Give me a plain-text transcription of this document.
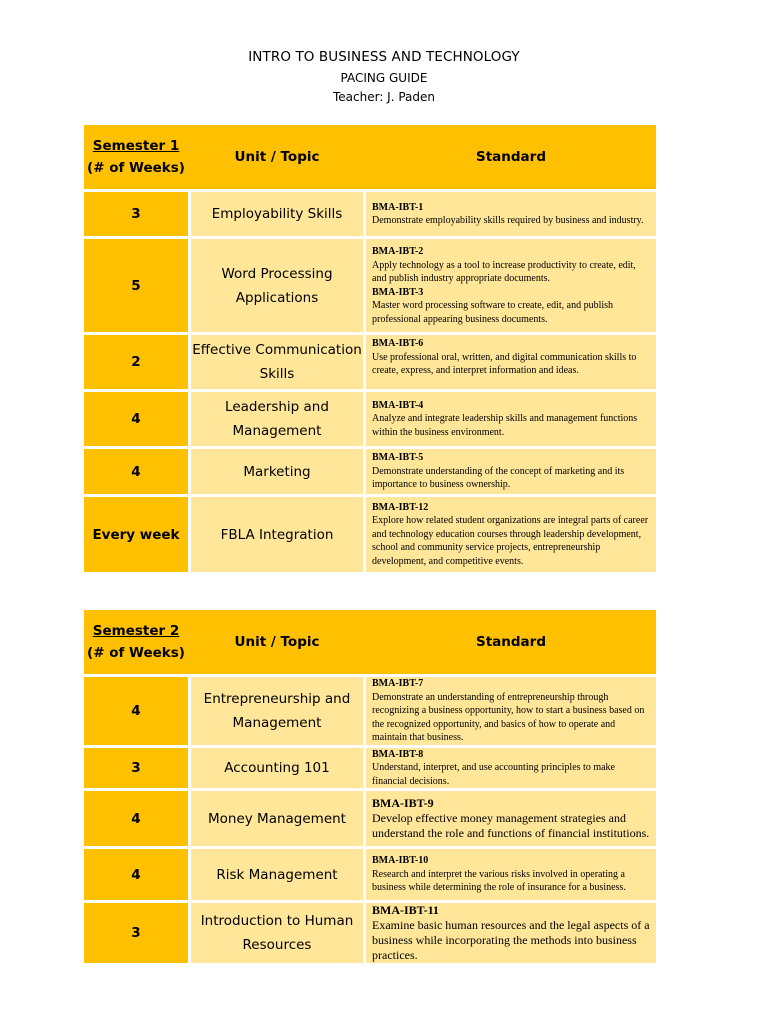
INTRO TO BUSINESS AND TECHNOLOGY
PACING GUIDE
Teacher: J. Paden
Semester 1
(# of Weeks)	Unit / Topic	Standard
3	Employability Skills	BMA-IBT-1
Demonstrate employability skills required by business and industry.
5	Word Processing Applications	BMA-IBT-2
Apply technology as a tool to increase productivity to create, edit, and publish industry appropriate documents.
BMA-IBT-3
Master word processing software to create, edit, and publish professional appearing business documents.
2	Effective Communication Skills	BMA-IBT-6
Use professional oral, written, and digital communication skills to create, express, and interpret information and ideas.
4	Leadership and Management	BMA-IBT-4
Analyze and integrate leadership skills and management functions within the business environment.
4	Marketing	BMA-IBT-5
Demonstrate understanding of the concept of marketing and its importance to business ownership.
Every week	FBLA Integration	BMA-IBT-12
Explore how related student organizations are integral parts of career and technology education courses through leadership development, school and community service projects, entrepreneurship development, and competitive events.
Semester 2
(# of Weeks)	Unit / Topic	Standard
4	Entrepreneurship and Management	BMA-IBT-7
Demonstrate an understanding of entrepreneurship through recognizing a business opportunity, how to start a business based on the recognized opportunity, and basics of how to operate and maintain that business.
3	Accounting 101	BMA-IBT-8
Understand, interpret, and use accounting principles to make financial decisions.
4	Money Management	BMA-IBT-9
Develop effective money management strategies and understand the role and functions of financial institutions.
4	Risk Management	BMA-IBT-10
Research and interpret the various risks involved in operating a business while determining the role of insurance for a business.
3	Introduction to Human Resources	BMA-IBT-11
Examine basic human resources and the legal aspects of a business while incorporating the methods into business practices.
